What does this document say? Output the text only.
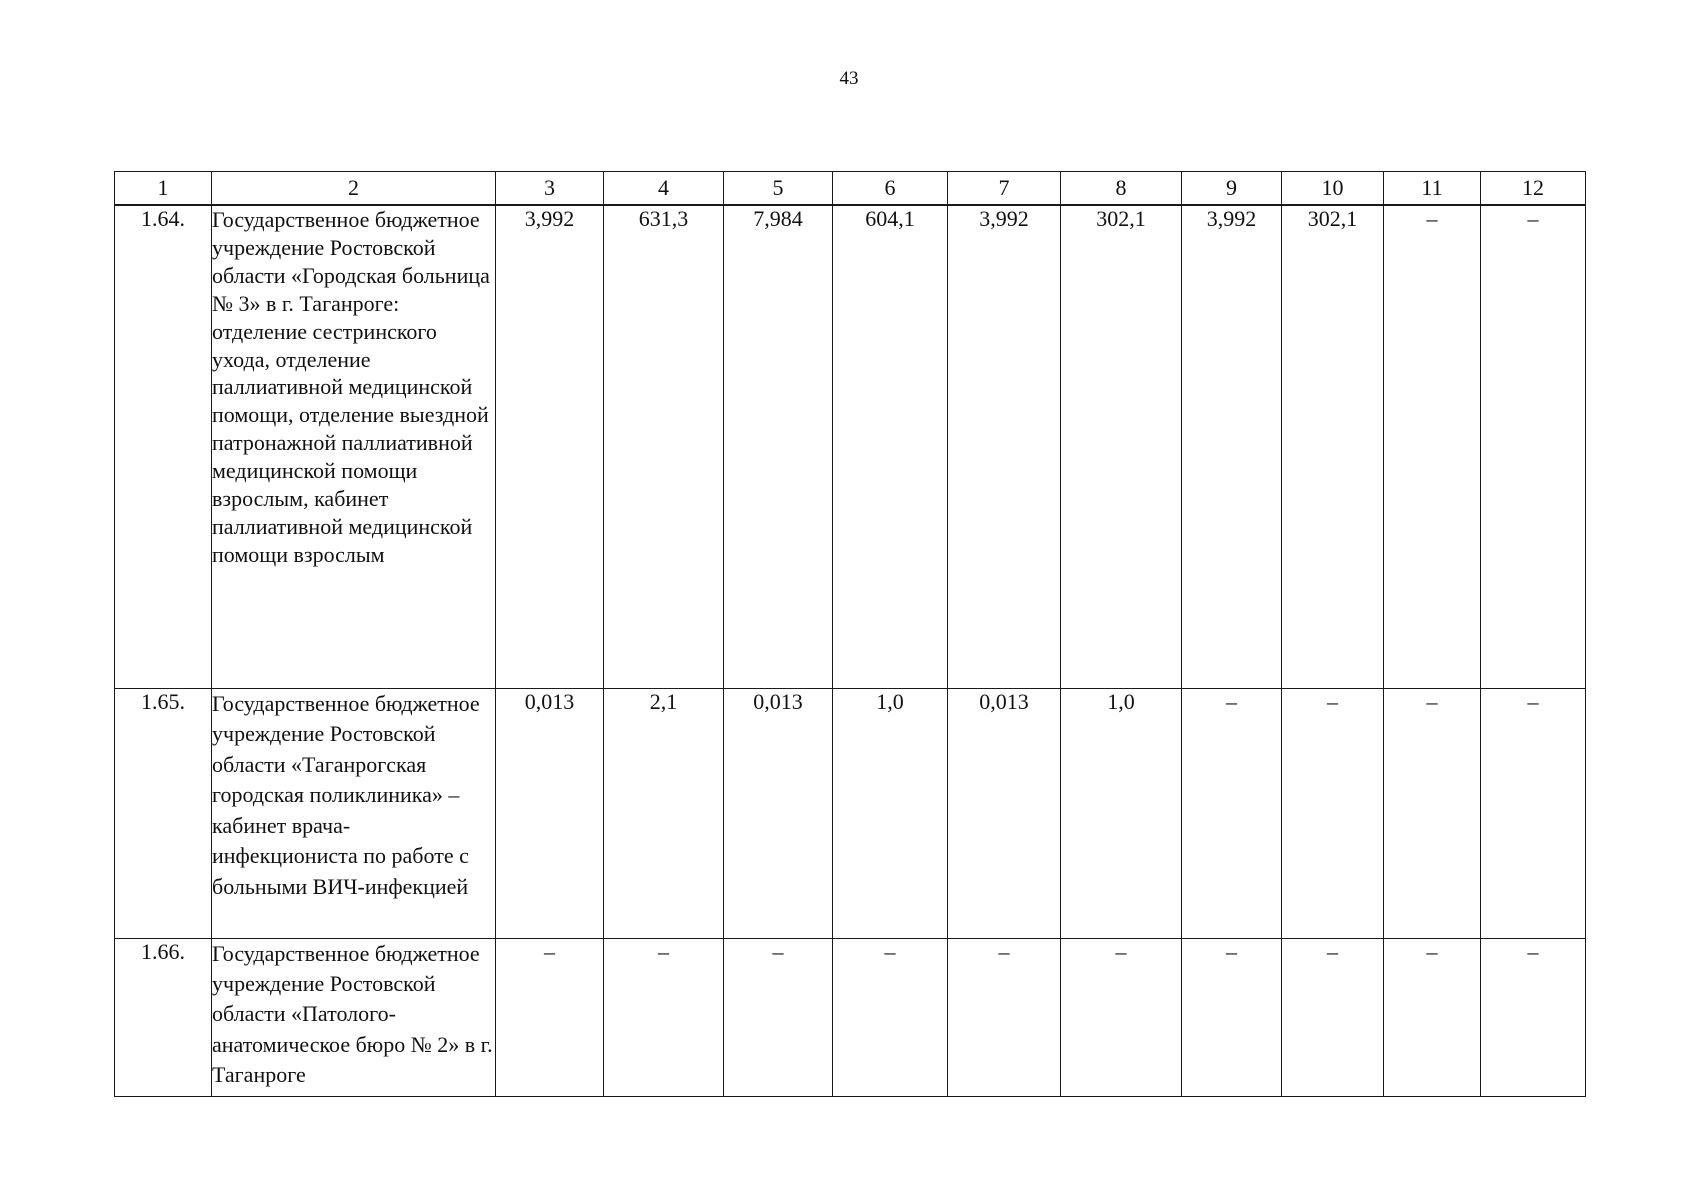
43
1	2	3	4	5	6	7	8	9	10	11	12
1.64.	Государственное бюджетное учреждение Ростовской области «Городская больница № 3» в г. Таганроге: отделение сестринского ухода, отделение паллиативной медицинской помощи, отделение выездной патронажной паллиативной медицинской помощи взрослым, кабинет паллиативной медицинской помощи взрослым	3,992	631,3	7,984	604,1	3,992	302,1	3,992	302,1	–	–
1.65.	Государственное бюджетное учреждение Ростовской области «Таганрогская городская поликлиника» – кабинет врача-инфекциониста по работе с больными ВИЧ-инфекцией	0,013	2,1	0,013	1,0	0,013	1,0	–	–	–	–
1.66.	Государственное бюджетное учреждение Ростовской области «Патолого-анатомическое бюро № 2» в г. Таганроге	–	–	–	–	–	–	–	–	–	–
